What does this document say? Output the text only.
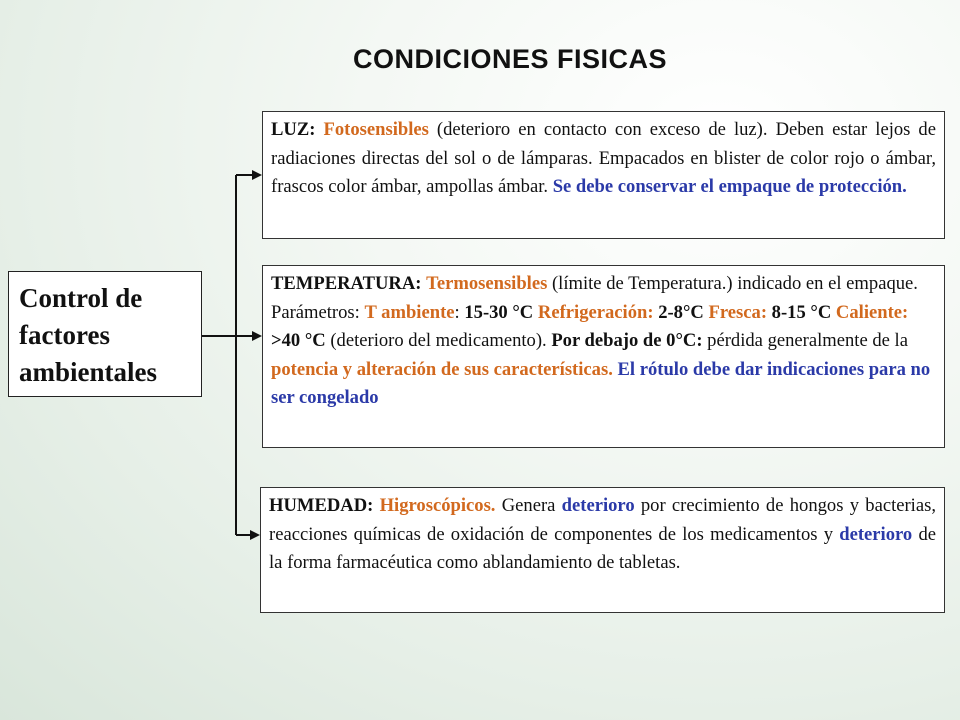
CONDICIONES FISICAS
Control de factores ambientales
LUZ: Fotosensibles (deterioro en contacto con exceso de luz). Deben estar lejos de radiaciones directas del sol o de lámparas. Empacados en blister de color rojo o ámbar, frascos color ámbar, ampollas ámbar. Se debe conservar el empaque de protección.
TEMPERATURA: Termosensibles (límite de Temperatura.) indicado en el empaque. Parámetros: T ambiente: 15-30 °C Refrigeración: 2-8°C Fresca: 8-15 °C Caliente: >40 °C (deterioro del medicamento). Por debajo de 0°C: pérdida generalmente de la potencia y alteración de sus características. El rótulo debe dar indicaciones para no ser congelado
HUMEDAD: Higroscópicos. Genera deterioro por crecimiento de hongos y bacterias, reacciones químicas de oxidación de componentes de los medicamentos y deterioro de la forma farmacéutica como ablandamiento de tabletas.
